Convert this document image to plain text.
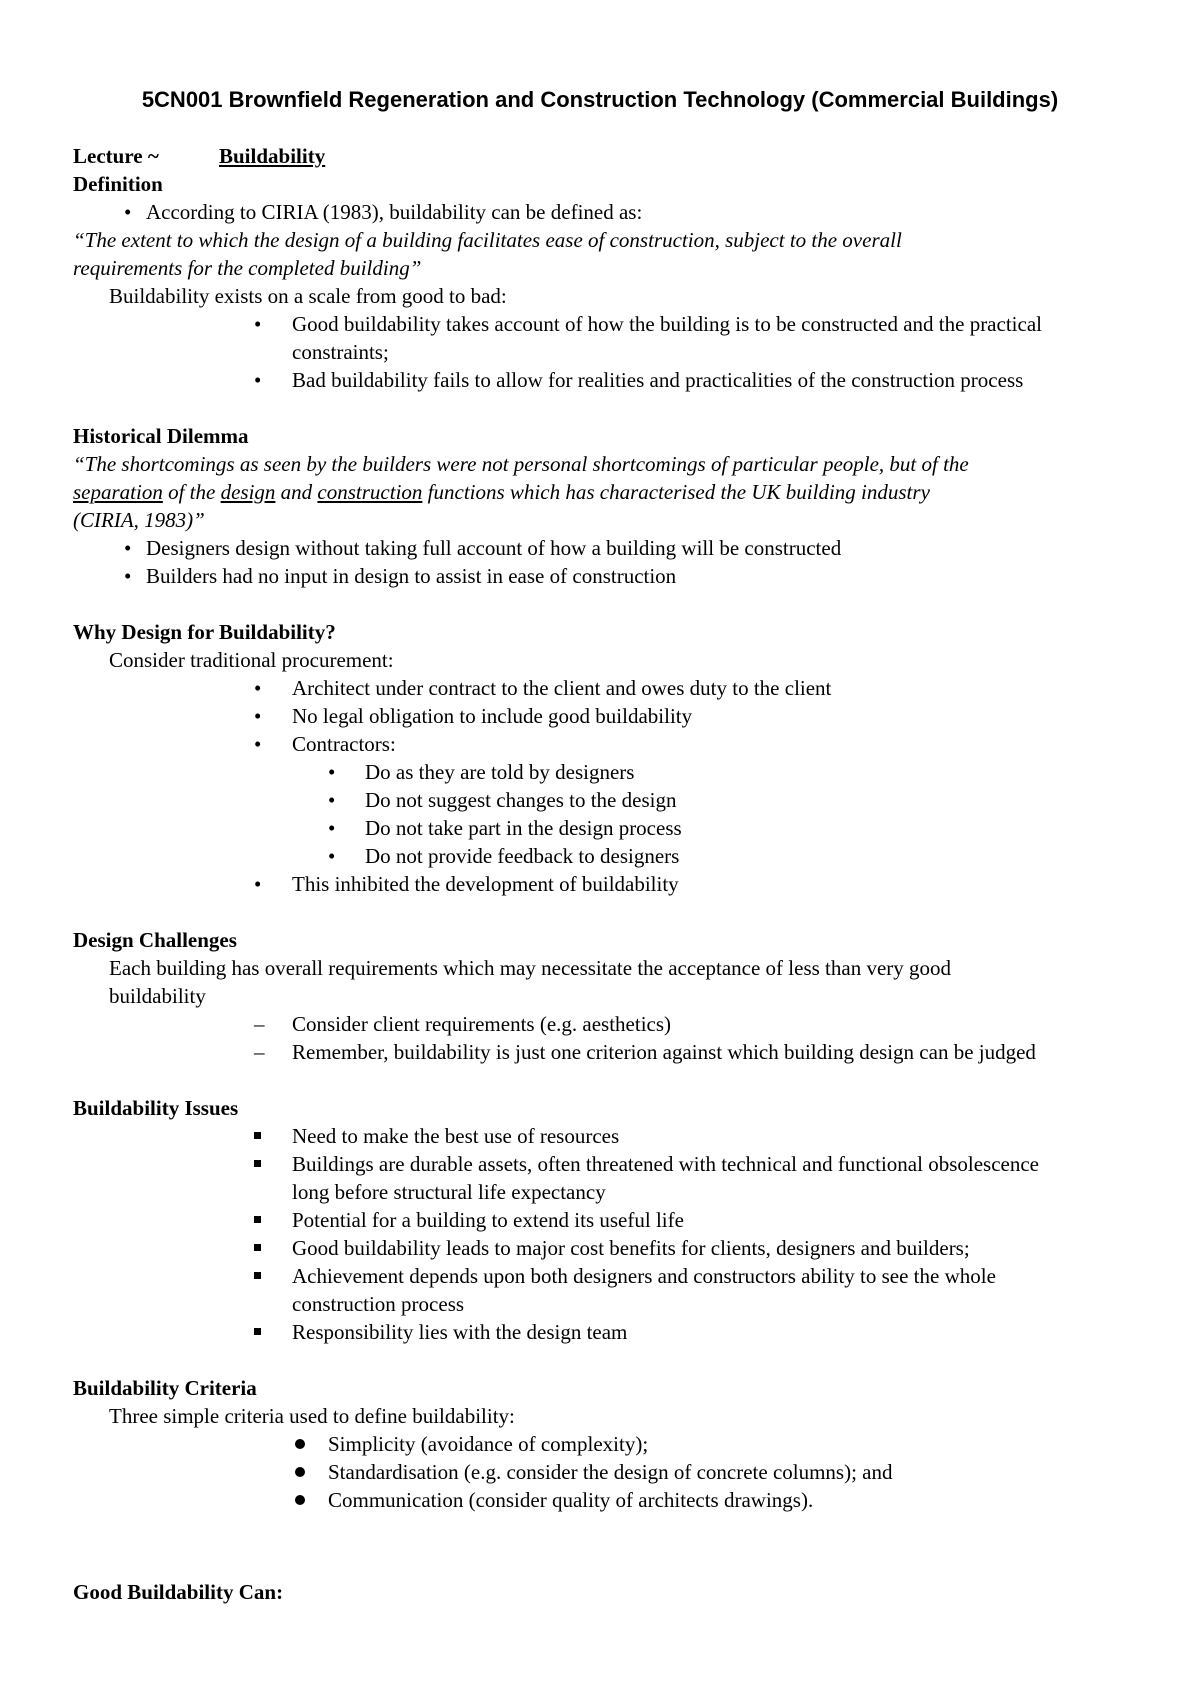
5CN001 Brownfield Regeneration and Construction Technology (Commercial Buildings)
Lecture ~	Buildability
Definition
• According to CIRIA (1983), buildability can be defined as:
“The extent to which the design of a building facilitates ease of construction, subject to the overall
requirements for the completed building”
Buildability exists on a scale from good to bad:
• Good buildability takes account of how the building is to be constructed and the practical
constraints;
• Bad buildability fails to allow for realities and practicalities of the construction process
Historical Dilemma
“The shortcomings as seen by the builders were not personal shortcomings of particular people, but of the
separation of the design and construction functions which has characterised the UK building industry
(CIRIA, 1983)”
• Designers design without taking full account of how a building will be constructed
• Builders had no input in design to assist in ease of construction
Why Design for Buildability?
Consider traditional procurement:
• Architect under contract to the client and owes duty to the client
• No legal obligation to include good buildability
• Contractors:
• Do as they are told by designers
• Do not suggest changes to the design
• Do not take part in the design process
• Do not provide feedback to designers
• This inhibited the development of buildability
Design Challenges
Each building has overall requirements which may necessitate the acceptance of less than very good
buildability
– Consider client requirements (e.g. aesthetics)
– Remember, buildability is just one criterion against which building design can be judged
Buildability Issues
Need to make the best use of resources
Buildings are durable assets, often threatened with technical and functional obsolescence
long before structural life expectancy
Potential for a building to extend its useful life
Good buildability leads to major cost benefits for clients, designers and builders;
Achievement depends upon both designers and constructors ability to see the whole
construction process
Responsibility lies with the design team
Buildability Criteria
Three simple criteria used to define buildability:
Simplicity (avoidance of complexity);
Standardisation (e.g. consider the design of concrete columns); and
Communication (consider quality of architects drawings).
Good Buildability Can:
